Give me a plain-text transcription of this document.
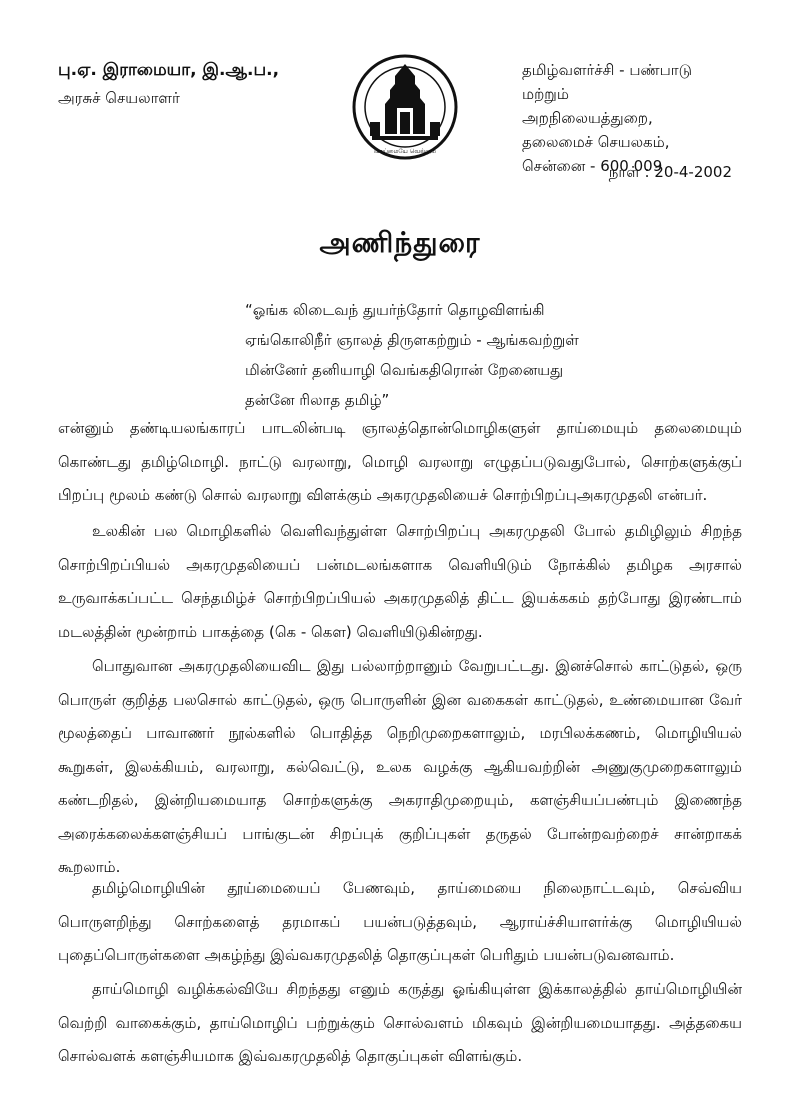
பு.ஏ. இராமையா, இ.ஆ.ப.,
அரசுச் செயலாளர்
வாய்மையே வெல்லும்
தமிழ்வளர்ச்சி - பண்பாடு மற்றும்
அறநிலையத்துறை,
தலைமைச் செயலகம்,
சென்னை - 600 009
நாள் : 20-4-2002
அணிந்துரை
“ஓங்க லிடைவந் துயர்ந்தோர் தொழவிளங்கி
ஏங்கொலிநீர் ஞாலத் திருளகற்றும் - ஆங்கவற்றுள்
மின்னேர் தனியாழி வெங்கதிரொன் றேனையது
தன்னே ரிலாத தமிழ்”

என்னும் தண்டியலங்காரப் பாடலின்படி ஞாலத்தொன்மொழிகளுள் தாய்மையும் தலைமையும் கொண்டது தமிழ்மொழி. நாட்டு வரலாறு, மொழி வரலாறு எழுதப்படுவதுபோல், சொற்களுக்குப் பிறப்பு மூலம் கண்டு சொல் வரலாறு விளக்கும் அகரமுதலியைச் சொற்பிறப்புஅகரமுதலி என்பர்.

உலகின் பல மொழிகளில் வெளிவந்துள்ள சொற்பிறப்பு அகரமுதலி போல் தமிழிலும் சிறந்த சொற்பிறப்பியல் அகரமுதலியைப் பன்மடலங்களாக வெளியிடும் நோக்கில் தமிழக அரசால் உருவாக்கப்பட்ட செந்தமிழ்ச் சொற்பிறப்பியல் அகரமுதலித் திட்ட இயக்ககம் தற்போது இரண்டாம் மடலத்தின் மூன்றாம் பாகத்தை (கெ - கௌ) வெளியிடுகின்றது.

பொதுவான அகரமுதலியைவிட இது பல்லாற்றானும் வேறுபட்டது. இனச்சொல் காட்டுதல், ஒரு பொருள் குறித்த பலசொல் காட்டுதல், ஒரு பொருளின் இன வகைகள் காட்டுதல், உண்மையான வேர் மூலத்தைப் பாவாணர் நூல்களில் பொதித்த நெறிமுறைகளாலும், மரபிலக்கணம், மொழியியல் கூறுகள், இலக்கியம், வரலாறு, கல்வெட்டு, உலக வழக்கு ஆகியவற்றின் அணுகுமுறைகளாலும் கண்டறிதல், இன்றியமையாத சொற்களுக்கு அகராதிமுறையும், களஞ்சியப்பண்பும் இணைந்த அரைக்கலைக்களஞ்சியப் பாங்குடன் சிறப்புக் குறிப்புகள் தருதல் போன்றவற்றைச் சான்றாகக் கூறலாம்.

தமிழ்மொழியின் தூய்மையைப் பேணவும், தாய்மையை நிலைநாட்டவும், செவ்விய பொருளறிந்து சொற்களைத் தரமாகப் பயன்படுத்தவும், ஆராய்ச்சியாளர்க்கு மொழியியல் புதைப்பொருள்களை அகழ்ந்து இவ்வகரமுதலித் தொகுப்புகள் பெரிதும் பயன்படுவனவாம்.

தாய்மொழி வழிக்கல்வியே சிறந்தது எனும் கருத்து ஓங்கியுள்ள இக்காலத்தில் தாய்மொழியின் வெற்றி வாகைக்கும், தாய்மொழிப் பற்றுக்கும் சொல்வளம் மிகவும் இன்றியமையாதது. அத்தகைய சொல்வளக் களஞ்சியமாக இவ்வகரமுதலித் தொகுப்புகள் விளங்கும்.
